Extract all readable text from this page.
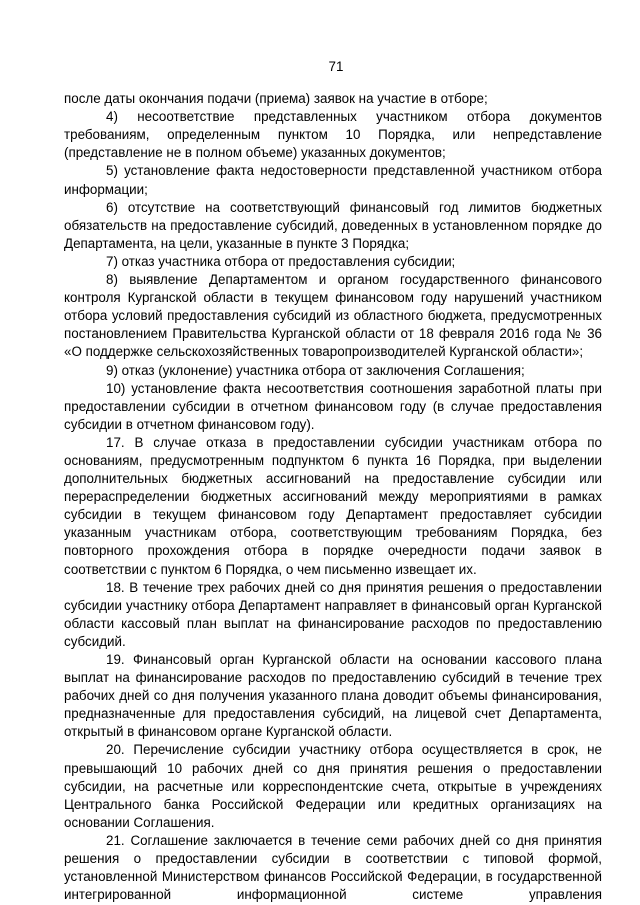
71

после даты окончания подачи (приема) заявок на участие в отборе;

4) несоответствие представленных участником отбора документов требованиям, определенным пунктом 10 Порядка, или непредставление (представление не в полном объеме) указанных документов;

5) установление факта недостоверности представленной участником отбора информации;

6) отсутствие на соответствующий финансовый год лимитов бюджетных обязательств на предоставление субсидий, доведенных в установленном порядке до Департамента, на цели, указанные в пункте 3 Порядка;

7) отказ участника отбора от предоставления субсидии;

8) выявление Департаментом и органом государственного финансового контроля Курганской области в текущем финансовом году нарушений участником отбора условий предоставления субсидий из областного бюджета, предусмотренных постановлением Правительства Курганской области от 18 февраля 2016 года № 36 «О поддержке сельскохозяйственных товаропроизводителей Курганской области»;

9) отказ (уклонение) участника отбора от заключения Соглашения;

10) установление факта несоответствия соотношения заработной платы при предоставлении субсидии в отчетном финансовом году (в случае предоставления субсидии в отчетном финансовом году).

17. В случае отказа в предоставлении субсидии участникам отбора по основаниям, предусмотренным подпунктом 6 пункта 16 Порядка, при выделении дополнительных бюджетных ассигнований на предоставление субсидии или перераспределении бюджетных ассигнований между мероприятиями в рамках субсидии в текущем финансовом году Департамент предоставляет субсидии указанным участникам отбора, соответствующим требованиям Порядка, без повторного прохождения отбора в порядке очередности подачи заявок в соответствии с пунктом 6 Порядка, о чем письменно извещает их.

18. В течение трех рабочих дней со дня принятия решения о предоставлении субсидии участнику отбора Департамент направляет в финансовый орган Курганской области кассовый план выплат на финансирование расходов по предоставлению субсидий.

19. Финансовый орган Курганской области на основании кассового плана выплат на финансирование расходов по предоставлению субсидий в течение трех рабочих дней со дня получения указанного плана доводит объемы финансирования, предназначенные для предоставления субсидий, на лицевой счет Департамента, открытый в финансовом органе Курганской области.

20. Перечисление субсидии участнику отбора осуществляется в срок, не превышающий 10 рабочих дней со дня принятия решения о предоставлении субсидии, на расчетные или корреспондентские счета, открытые в учреждениях Центрального банка Российской Федерации или кредитных организациях на основании Соглашения.

21. Соглашение заключается в течение семи рабочих дней со дня принятия решения о предоставлении субсидии в соответствии с типовой формой, установленной Министерством финансов Российской Федерации, в государственной интегрированной информационной системе управления
